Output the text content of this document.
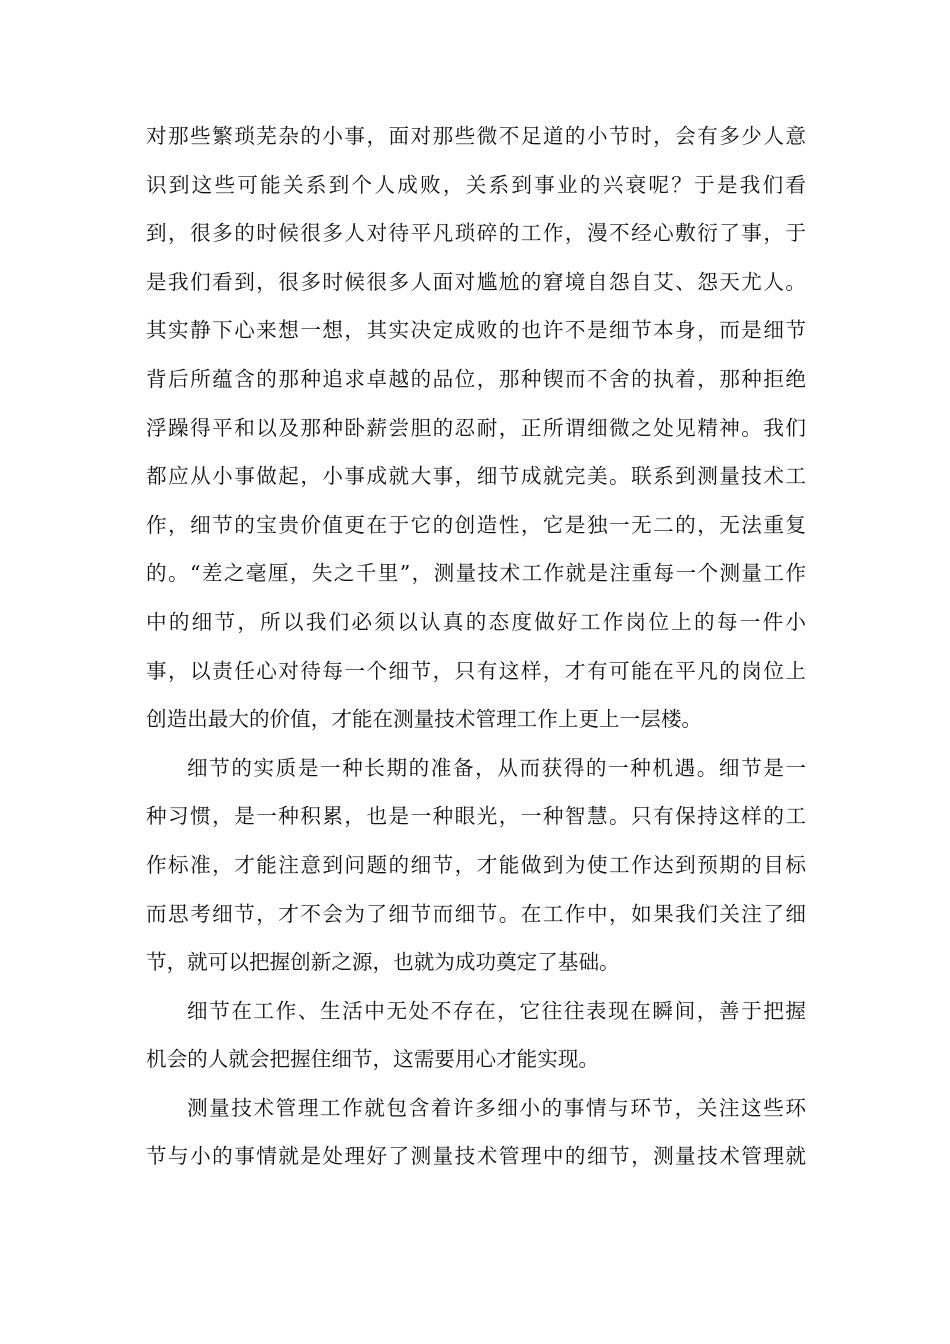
对那些繁琐芜杂的小事，面对那些微不足道的小节时，会有多少人意
识到这些可能关系到个人成败，关系到事业的兴衰呢？于是我们看
到，很多的时候很多人对待平凡琐碎的工作，漫不经心敷衍了事，于
是我们看到，很多时候很多人面对尴尬的窘境自怨自艾、怨天尤人。
其实静下心来想一想，其实决定成败的也许不是细节本身，而是细节
背后所蕴含的那种追求卓越的品位，那种锲而不舍的执着，那种拒绝
浮躁得平和以及那种卧薪尝胆的忍耐，正所谓细微之处见精神。我们
都应从小事做起，小事成就大事，细节成就完美。联系到测量技术工
作，细节的宝贵价值更在于它的创造性，它是独一无二的，无法重复
的。“差之毫厘，失之千里”，测量技术工作就是注重每一个测量工作
中的细节，所以我们必须以认真的态度做好工作岗位上的每一件小
事，以责任心对待每一个细节，只有这样，才有可能在平凡的岗位上
创造出最大的价值，才能在测量技术管理工作上更上一层楼。
细节的实质是一种长期的准备，从而获得的一种机遇。细节是一
种习惯，是一种积累，也是一种眼光，一种智慧。只有保持这样的工
作标准，才能注意到问题的细节，才能做到为使工作达到预期的目标
而思考细节，才不会为了细节而细节。在工作中，如果我们关注了细
节，就可以把握创新之源，也就为成功奠定了基础。
细节在工作、生活中无处不存在，它往往表现在瞬间，善于把握
机会的人就会把握住细节，这需要用心才能实现。
测量技术管理工作就包含着许多细小的事情与环节，关注这些环
节与小的事情就是处理好了测量技术管理中的细节，测量技术管理就
